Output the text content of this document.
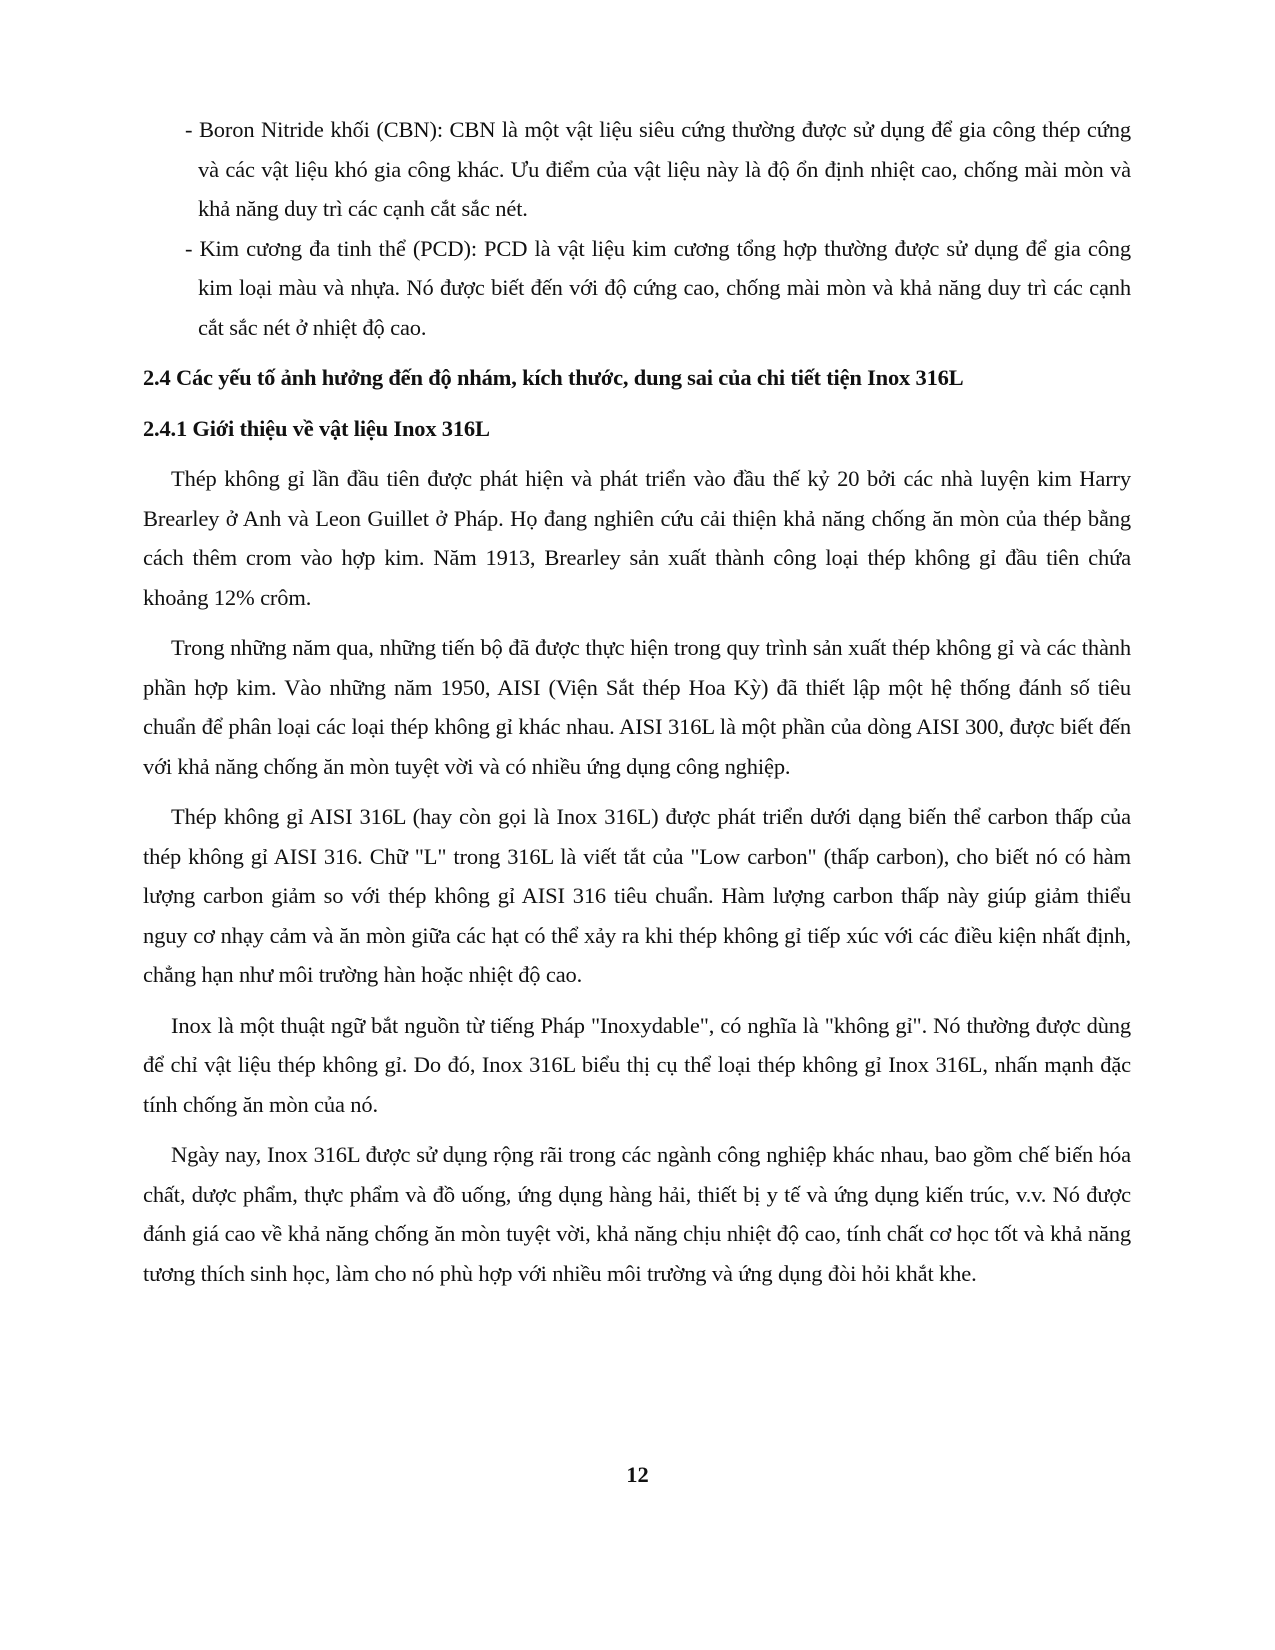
- Boron Nitride khối (CBN): CBN là một vật liệu siêu cứng thường được sử dụng để gia công thép cứng và các vật liệu khó gia công khác. Ưu điểm của vật liệu này là độ ổn định nhiệt cao, chống mài mòn và khả năng duy trì các cạnh cắt sắc nét.

- Kim cương đa tinh thể (PCD): PCD là vật liệu kim cương tổng hợp thường được sử dụng để gia công kim loại màu và nhựa. Nó được biết đến với độ cứng cao, chống mài mòn và khả năng duy trì các cạnh cắt sắc nét ở nhiệt độ cao.

2.4 Các yếu tố ảnh hưởng đến độ nhám, kích thước, dung sai của chi tiết tiện Inox 316L
2.4.1 Giới thiệu về vật liệu Inox 316L

Thép không gỉ lần đầu tiên được phát hiện và phát triển vào đầu thế kỷ 20 bởi các nhà luyện kim Harry Brearley ở Anh và Leon Guillet ở Pháp. Họ đang nghiên cứu cải thiện khả năng chống ăn mòn của thép bằng cách thêm crom vào hợp kim. Năm 1913, Brearley sản xuất thành công loại thép không gỉ đầu tiên chứa khoảng 12% crôm.

Trong những năm qua, những tiến bộ đã được thực hiện trong quy trình sản xuất thép không gỉ và các thành phần hợp kim. Vào những năm 1950, AISI (Viện Sắt thép Hoa Kỳ) đã thiết lập một hệ thống đánh số tiêu chuẩn để phân loại các loại thép không gỉ khác nhau. AISI 316L là một phần của dòng AISI 300, được biết đến với khả năng chống ăn mòn tuyệt vời và có nhiều ứng dụng công nghiệp.

Thép không gỉ AISI 316L (hay còn gọi là Inox 316L) được phát triển dưới dạng biến thể carbon thấp của thép không gỉ AISI 316. Chữ "L" trong 316L là viết tắt của "Low carbon" (thấp carbon), cho biết nó có hàm lượng carbon giảm so với thép không gỉ AISI 316 tiêu chuẩn. Hàm lượng carbon thấp này giúp giảm thiểu nguy cơ nhạy cảm và ăn mòn giữa các hạt có thể xảy ra khi thép không gỉ tiếp xúc với các điều kiện nhất định, chẳng hạn như môi trường hàn hoặc nhiệt độ cao.

Inox là một thuật ngữ bắt nguồn từ tiếng Pháp "Inoxydable", có nghĩa là "không gỉ". Nó thường được dùng để chỉ vật liệu thép không gỉ. Do đó, Inox 316L biểu thị cụ thể loại thép không gỉ Inox 316L, nhấn mạnh đặc tính chống ăn mòn của nó.

Ngày nay, Inox 316L được sử dụng rộng rãi trong các ngành công nghiệp khác nhau, bao gồm chế biến hóa chất, dược phẩm, thực phẩm và đồ uống, ứng dụng hàng hải, thiết bị y tế và ứng dụng kiến trúc, v.v. Nó được đánh giá cao về khả năng chống ăn mòn tuyệt vời, khả năng chịu nhiệt độ cao, tính chất cơ học tốt và khả năng tương thích sinh học, làm cho nó phù hợp với nhiều môi trường và ứng dụng đòi hỏi khắt khe.

12
